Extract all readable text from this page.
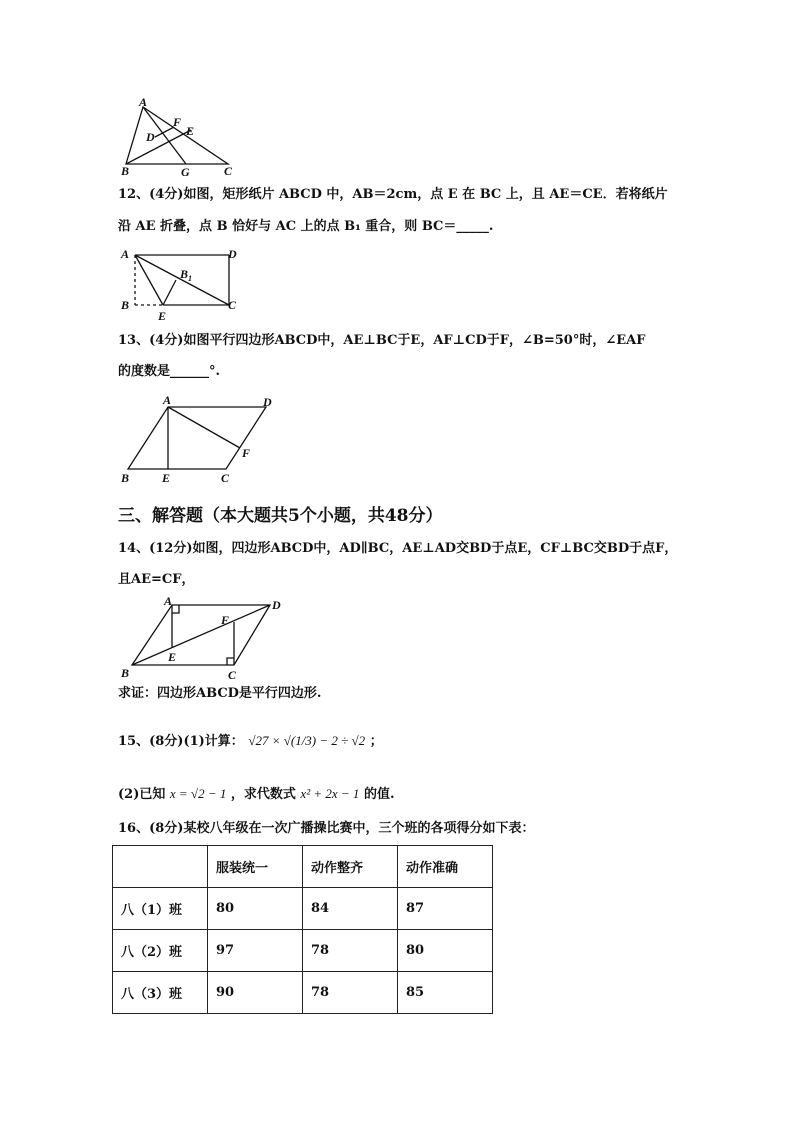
A
F
E
D
B	G	C
12、(4分)如图，矩形纸片 ABCD 中，AB＝2cm，点 E 在 BC 上，且 AE＝CE．若将纸片
沿 AE 折叠，点 B 恰好与 AC 上的点 B₁ 重合，则 BC＝_____.
A	D
B
E
C
$B_1$
13、(4分)如图平行四边形ABCD中，AE⊥BC于E，AF⊥CD于F，∠B=50°时，∠EAF
的度数是______°.
A	D
F
B	E	C
三、解答题（本大题共5个小题，共48分）
14、(12分)如图，四边形ABCD中，AD∥BC，AE⊥AD交BD于点E，CF⊥BC交BD于点F，
且AE=CF，
A	D
F
B
E
C
求证：四边形ABCD是平行四边形.
15、(8分)(1)计算： √27 × √(1/3) − 2 ÷ √2 ；
(2)已知 x = √2 − 1 ，求代数式 x² + 2x − 1 的值.
16、(8分)某校八年级在一次广播操比赛中，三个班的各项得分如下表：
	服装统一	动作整齐	动作准确
八（1）班	80	84	87
八（2）班	97	78	80
八（3）班	90	78	85
